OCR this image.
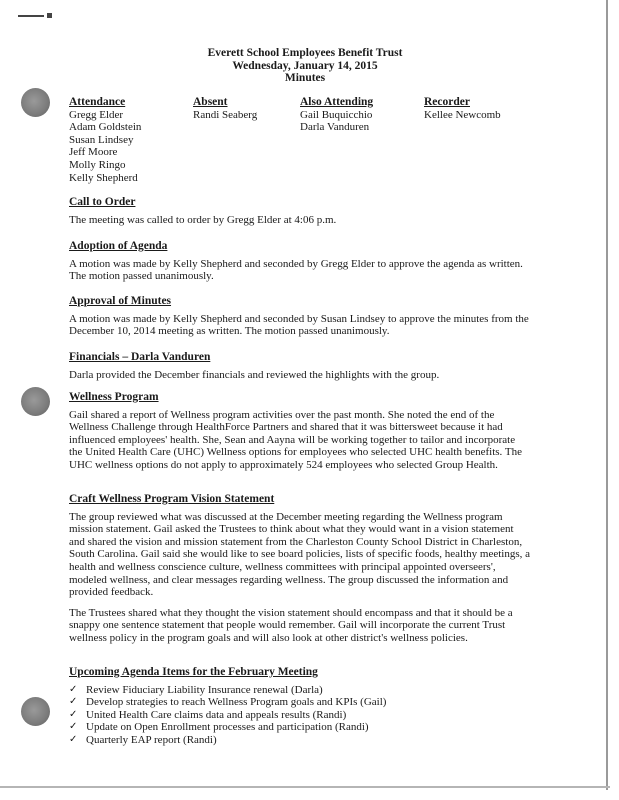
Everett School Employees Benefit Trust
Wednesday, January 14, 2015
Minutes
Attendance
Gregg Elder
Adam Goldstein
Susan Lindsey
Jeff Moore
Molly Ringo
Kelly Shepherd
Absent
Randi Seaberg
Also Attending
Gail Buquicchio
Darla Vanduren
Recorder
Kellee Newcomb
Call to Order

The meeting was called to order by Gregg Elder at 4:06 p.m.

Adoption of Agenda

A motion was made by Kelly Shepherd and seconded by Gregg Elder to approve the agenda as written. The motion passed unanimously.

Approval of Minutes

A motion was made by Kelly Shepherd and seconded by Susan Lindsey to approve the minutes from the December 10, 2014 meeting as written. The motion passed unanimously.

Financials – Darla Vanduren

Darla provided the December financials and reviewed the highlights with the group.

Wellness Program

Gail shared a report of Wellness program activities over the past month. She noted the end of the Wellness Challenge through HealthForce Partners and shared that it was bittersweet because it had influenced employees' health. She, Sean and Aayna will be working together to tailor and incorporate the United Health Care (UHC) Wellness options for employees who selected UHC health benefits. The UHC wellness options do not apply to approximately 524 employees who selected Group Health.

Craft Wellness Program Vision Statement

The group reviewed what was discussed at the December meeting regarding the Wellness program mission statement. Gail asked the Trustees to think about what they would want in a vision statement and shared the vision and mission statement from the Charleston County School District in Charleston, South Carolina. Gail said she would like to see board policies, lists of specific foods, healthy meetings, a health and wellness conscience culture, wellness committees with principal appointed overseers', modeled wellness, and clear messages regarding wellness. The group discussed the information and provided feedback.

The Trustees shared what they thought the vision statement should encompass and that it should be a snappy one sentence statement that people would remember. Gail will incorporate the current Trust wellness policy in the program goals and will also look at other district's wellness policies.

Upcoming Agenda Items for the February Meeting
✓ Review Fiduciary Liability Insurance renewal (Darla)
✓ Develop strategies to reach Wellness Program goals and KPIs (Gail)
✓ United Health Care claims data and appeals results (Randi)
✓ Update on Open Enrollment processes and participation (Randi)
✓ Quarterly EAP report (Randi)
